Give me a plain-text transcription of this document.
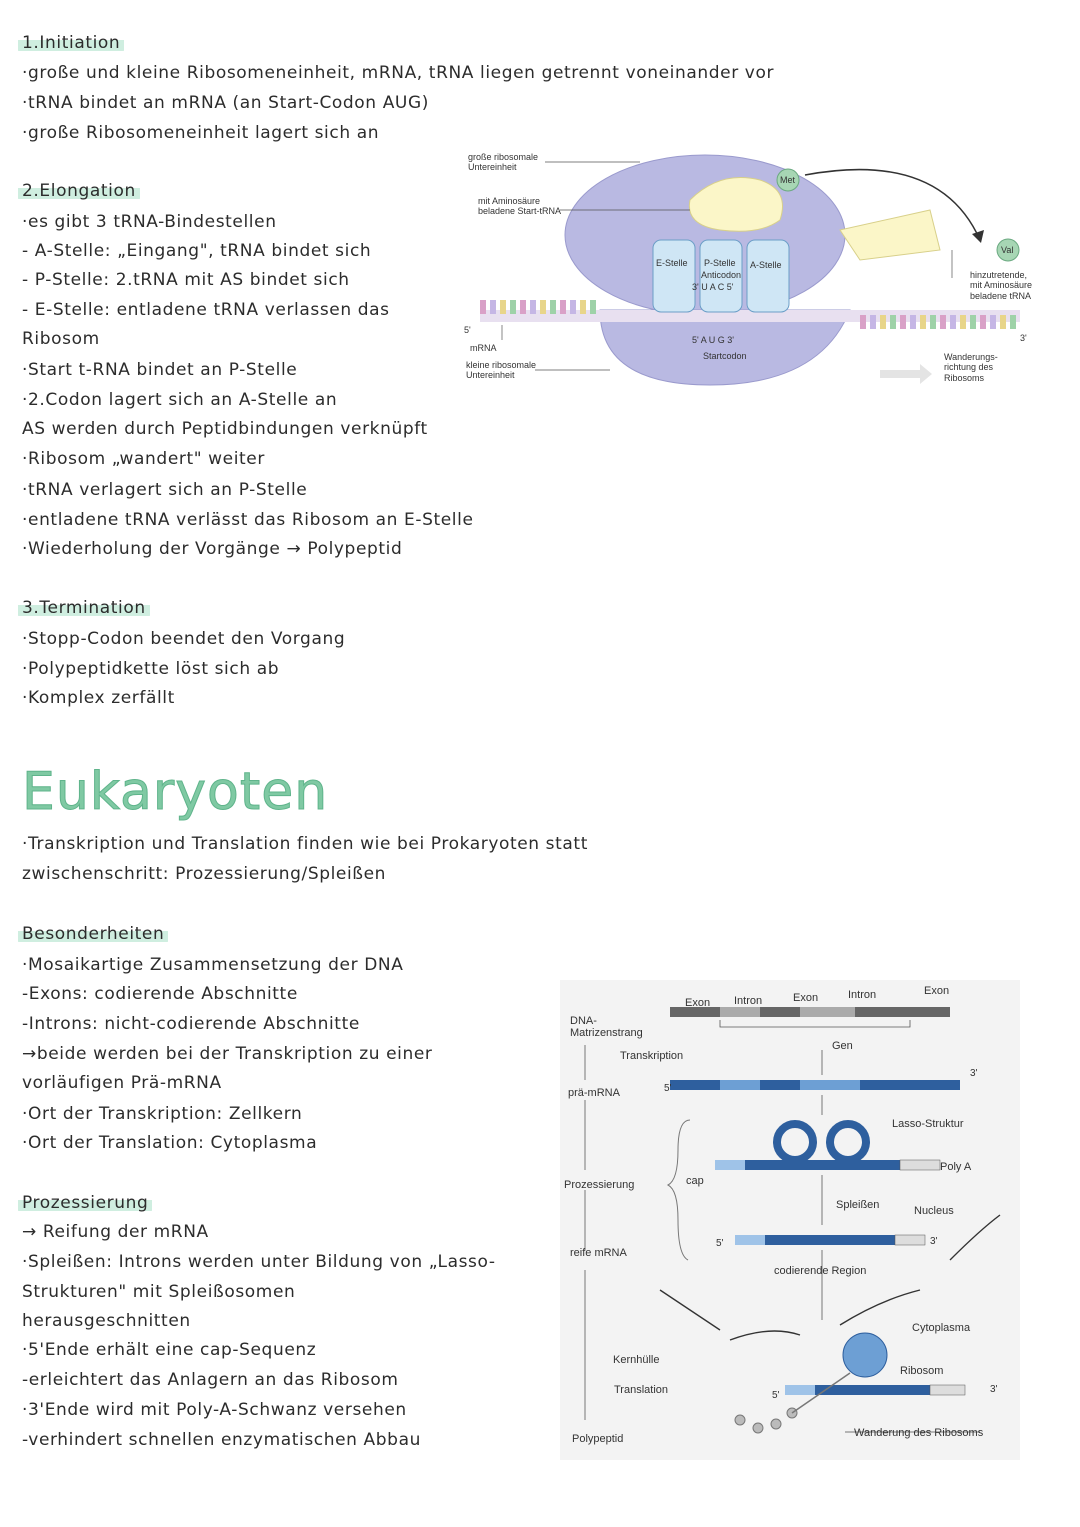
1.Initiation
·große und kleine Ribosomeneinheit, mRNA, tRNA liegen getrennt voneinander vor
·tRNA bindet an mRNA (an Start-Codon AUG)
·große Ribosomeneinheit lagert sich an
2.Elongation
·es gibt 3 tRNA-Bindestellen
- A-Stelle: „Eingang", tRNA bindet sich
- P-Stelle: 2.tRNA mit AS bindet sich
- E-Stelle: entladene tRNA verlassen das
Ribosom
·Start t-RNA bindet an P-Stelle
·2.Codon lagert sich an A-Stelle an
AS werden durch Peptidbindungen verknüpft
·Ribosom „wandert" weiter
·tRNA verlagert sich an P-Stelle
·entladene tRNA verlässt das Ribosom an E-Stelle
·Wiederholung der Vorgänge → Polypeptid
3.Termination
·Stopp-Codon beendet den Vorgang
·Polypeptidkette löst sich ab
·Komplex zerfällt
große ribosomale Untereinheit
mit Aminosäure beladene Start-tRNA
5'
mRNA
3'
kleine ribosomale Untereinheit
E-Stelle P-Stelle A-Stelle
Anticodon
3' U A C 5'
5' A U G 3'
Startcodon
Met
Val
hinzutretende, mit Aminosäure beladene tRNA
Wanderungs- richtung des Ribosoms
Eukaryoten
·Transkription und Translation finden wie bei Prokaryoten statt
zwischenschritt: Prozessierung/Spleißen
Besonderheiten
·Mosaikartige Zusammensetzung der DNA
-Exons: codierende Abschnitte
-Introns: nicht-codierende Abschnitte
→beide werden bei der Transkription zu einer
vorläufigen Prä-mRNA
·Ort der Transkription: Zellkern
·Ort der Translation: Cytoplasma
Prozessierung
→ Reifung der mRNA
·Spleißen: Introns werden unter Bildung von „Lasso-
Strukturen" mit Spleißosomen
herausgeschnitten
·5'Ende erhält eine cap-Sequenz
-erleichtert das Anlagern an das Ribosom
·3'Ende wird mit Poly-A-Schwanz versehen
-verhindert schnellen enzymatischen Abbau
Exon Intron	Exon	Intron	Exon
DNA- Matrizenstrang
Gen
Transkription
prä-mRNA	5'
3'
Lasso-Struktur
Prozessierung	cap
Poly A
Spleißen	Nucleus
reife mRNA
5'	3'
codierende Region
Cytoplasma
Kernhülle
Ribosom
Translation	5'
3'
Polypeptid	Wanderung des Ribosoms
